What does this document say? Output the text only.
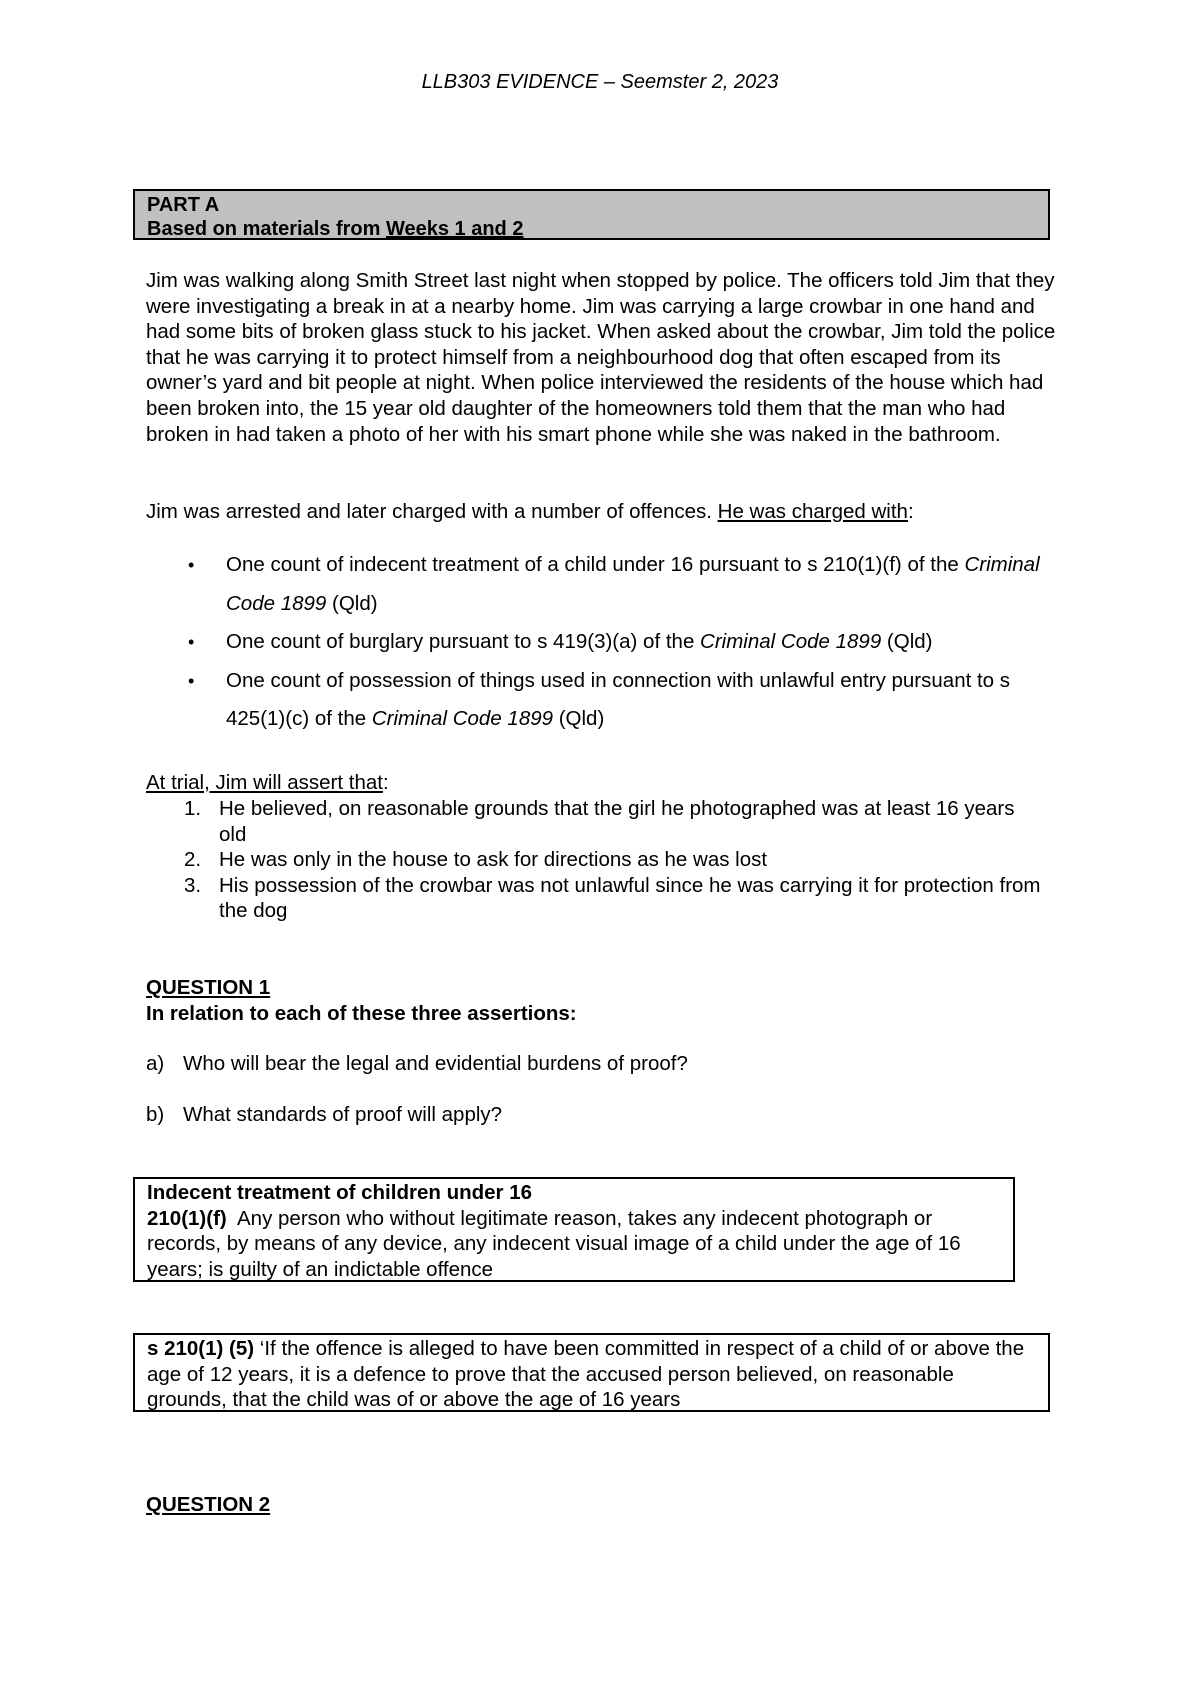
LLB303 EVIDENCE – Seemster 2, 2023
PART A
Based on materials from Weeks 1 and 2
Jim was walking along Smith Street last night when stopped by police. The officers told Jim that they were investigating a break in at a nearby home. Jim was carrying a large crowbar in one hand and had some bits of broken glass stuck to his jacket. When asked about the crowbar, Jim told the police that he was carrying it to protect himself from a neighbourhood dog that often escaped from its owner’s yard and bit people at night. When police interviewed the residents of the house which had been broken into, the 15 year old daughter of the homeowners told them that the man who had broken in had taken a photo of her with his smart phone while she was naked in the bathroom.
Jim was arrested and later charged with a number of offences. He was charged with:
• One count of indecent treatment of a child under 16 pursuant to s 210(1)(f) of the Criminal Code 1899 (Qld)
• One count of burglary pursuant to s 419(3)(a) of the Criminal Code 1899 (Qld)
• One count of possession of things used in connection with unlawful entry pursuant to s 425(1)(c) of the Criminal Code 1899 (Qld)
At trial, Jim will assert that:
1. He believed, on reasonable grounds that the girl he photographed was at least 16 years old
2. He was only in the house to ask for directions as he was lost
3. His possession of the crowbar was not unlawful since he was carrying it for protection from the dog
QUESTION 1
In relation to each of these three assertions:
a) Who will bear the legal and evidential burdens of proof?
b) What standards of proof will apply?
Indecent treatment of children under 16
210(1)(f)  Any person who without legitimate reason, takes any indecent photograph or records, by means of any device, any indecent visual image of a child under the age of 16 years; is guilty of an indictable offence
s 210(1) (5) ‘If the offence is alleged to have been committed in respect of a child of or above the age of 12 years, it is a defence to prove that the accused person believed, on reasonable grounds, that the child was of or above the age of 16 years
QUESTION 2
